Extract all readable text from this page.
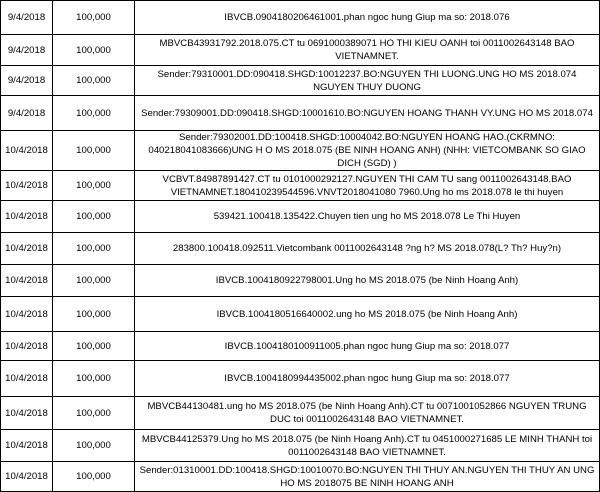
9/4/2018	100,000	IBVCB.0904180206461001.phan ngoc hung Giup ma so: 2018.076
9/4/2018	100,000	MBVCB43931792.2018.075.CT tu 0691000389071 HO THI KIEU OANH toi 0011002643148 BAO VIETNAMNET.
9/4/2018	100,000	Sender:79310001.DD:090418.SHGD:10012237.BO:NGUYEN THI LUONG.UNG HO MS 2018.074 NGUYEN THUY DUONG
9/4/2018	100,000	Sender:79309001.DD:090418.SHGD:10001610.BO:NGUYEN HOANG THANH VY.UNG HO MS 2018.074
10/4/2018	100,000	Sender:79302001.DD:100418.SHGD:10004042.BO:NGUYEN HOANG HAO.(CKRMNO: 040218041083666)UNG H O MS 2018.075 (BE NINH HOANG ANH) (NHH: VIETCOMBANK SO GIAO DICH (SGD) )
10/4/2018	100,000	VCBVT.84987891427.CT tu 0101000292127.NGUYEN THI CAM TU sang 0011002643148.BAO VIETNAMNET.180410239544596.VNVT2018041080 7960.Ung ho ms 2018.078 le thi huyen
10/4/2018	100,000	539421.100418.135422.Chuyen tien ung ho MS 2018.078 Le Thi Huyen
10/4/2018	100,000	283800.100418.092511.Vietcombank 0011002643148 ?ng h? MS 2018.078(L? Th? Huy?n)
10/4/2018	100,000	IBVCB.1004180922798001.Ung ho MS 2018.075 (be Ninh Hoang Anh)
10/4/2018	100,000	IBVCB.1004180516640002.ung ho MS 2018.075 (be Ninh Hoang Anh)
10/4/2018	100,000	IBVCB.1004180100911005.phan ngoc hung Giup ma so: 2018.077
10/4/2018	100,000	IBVCB.1004180994435002.phan ngoc hung Giup ma so: 2018.077
10/4/2018	100,000	MBVCB44130481.ung ho MS 2018.075 (be Ninh Hoang Anh).CT tu 0071001052866 NGUYEN TRUNG DUC toi 0011002643148 BAO VIETNAMNET.
10/4/2018	100,000	MBVCB44125379.Ung ho MS 2018.075 (be Ninh Hoang Anh).CT tu 0451000271685 LE MINH THANH toi 0011002643148 BAO VIETNAMNET.
10/4/2018	100,000	Sender:01310001.DD:100418.SHGD:10010070.BO:NGUYEN THI THUY AN.NGUYEN THI THUY AN UNG HO MS 2018075 BE NINH HOANG ANH
